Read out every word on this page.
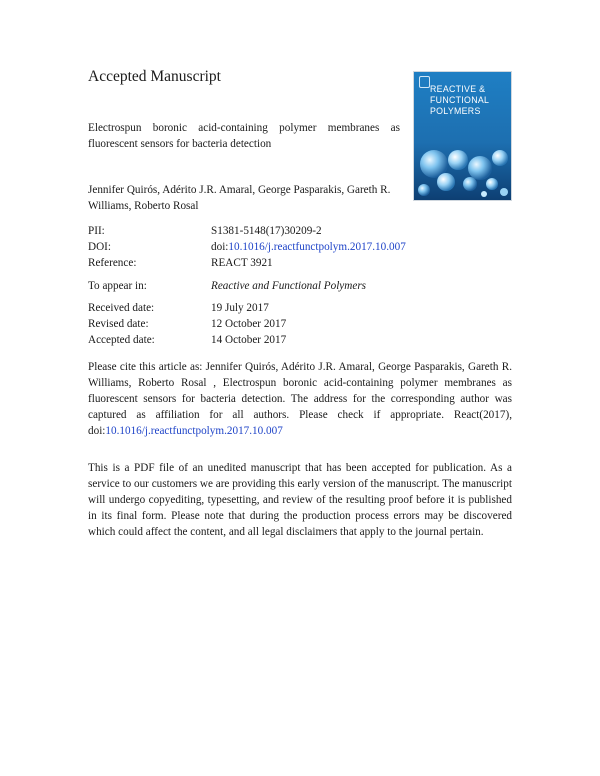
Accepted Manuscript
Electrospun boronic acid-containing polymer membranes as fluorescent sensors for bacteria detection
Jennifer Quirós, Adérito J.R. Amaral, George Pasparakis, Gareth R. Williams, Roberto Rosal
REACTIVE &
FUNCTIONAL
POLYMERS
PII:	S1381-5148(17)30209-2
DOI:	doi:10.1016/j.reactfunctpolym.2017.10.007
Reference:	REACT 3921
To appear in:	Reactive and Functional Polymers
Received date:	19 July 2017
Revised date:	12 October 2017
Accepted date:	14 October 2017
Please cite this article as: Jennifer Quirós, Adérito J.R. Amaral, George Pasparakis, Gareth R. Williams, Roberto Rosal , Electrospun boronic acid-containing polymer membranes as fluorescent sensors for bacteria detection. The address for the corresponding author was captured as affiliation for all authors. Please check if appropriate. React(2017), doi:10.1016/j.reactfunctpolym.2017.10.007
This is a PDF file of an unedited manuscript that has been accepted for publication. As a service to our customers we are providing this early version of the manuscript. The manuscript will undergo copyediting, typesetting, and review of the resulting proof before it is published in its final form. Please note that during the production process errors may be discovered which could affect the content, and all legal disclaimers that apply to the journal pertain.
